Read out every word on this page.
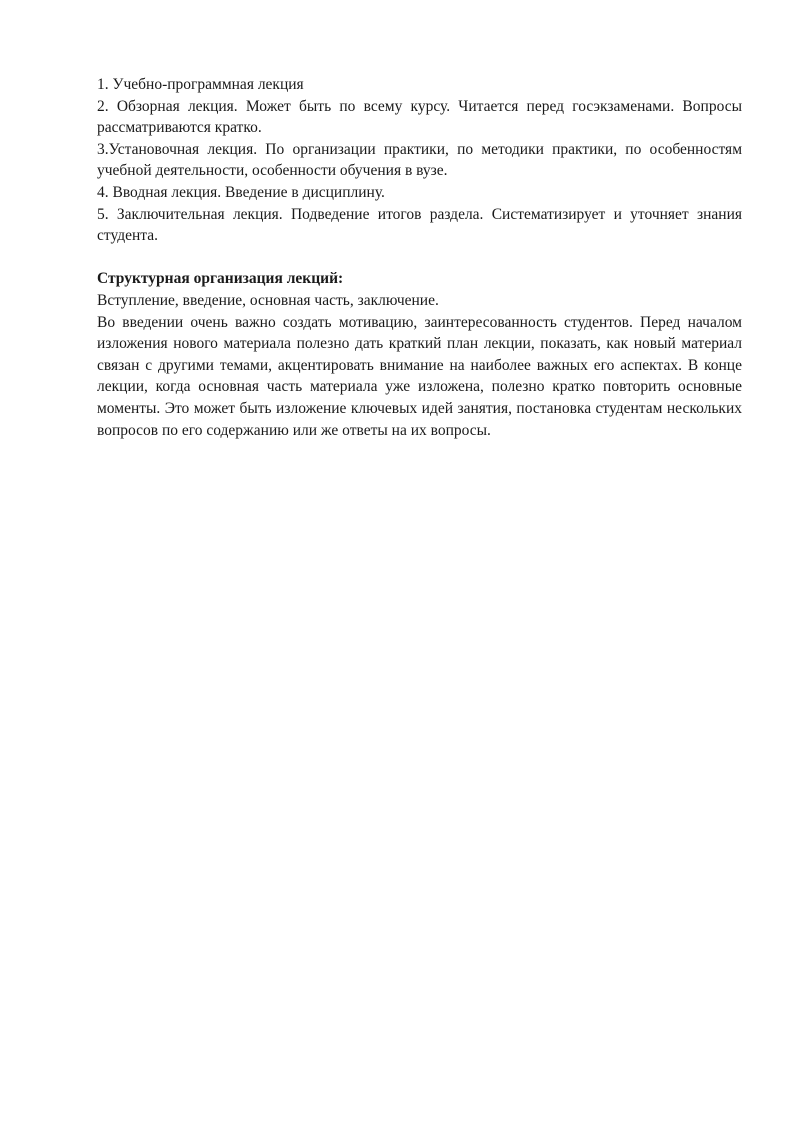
1. Учебно-программная лекция

2. Обзорная лекция. Может быть по всему курсу. Читается перед госэкзаменами. Вопросы рассматриваются кратко.

3.Установочная лекция. По организации практики, по методики практики, по особенностям учебной деятельности, особенности обучения в вузе.

4. Вводная лекция. Введение в дисциплину.

5. Заключительная лекция. Подведение итогов раздела. Систематизирует и уточняет знания студента.

Структурная организация лекций:

Вступление, введение, основная часть, заключение.

Во введении очень важно создать мотивацию, заинтересованность студентов. Перед началом изложения нового материала полезно дать краткий план лекции, показать, как новый материал связан с другими темами, акцентировать внимание на наиболее важных его аспектах. В конце лекции, когда основная часть материала уже изложена, полезно кратко повторить основные моменты. Это может быть изложение ключевых идей занятия, постановка студентам нескольких вопросов по его содержанию или же ответы на их вопросы.
